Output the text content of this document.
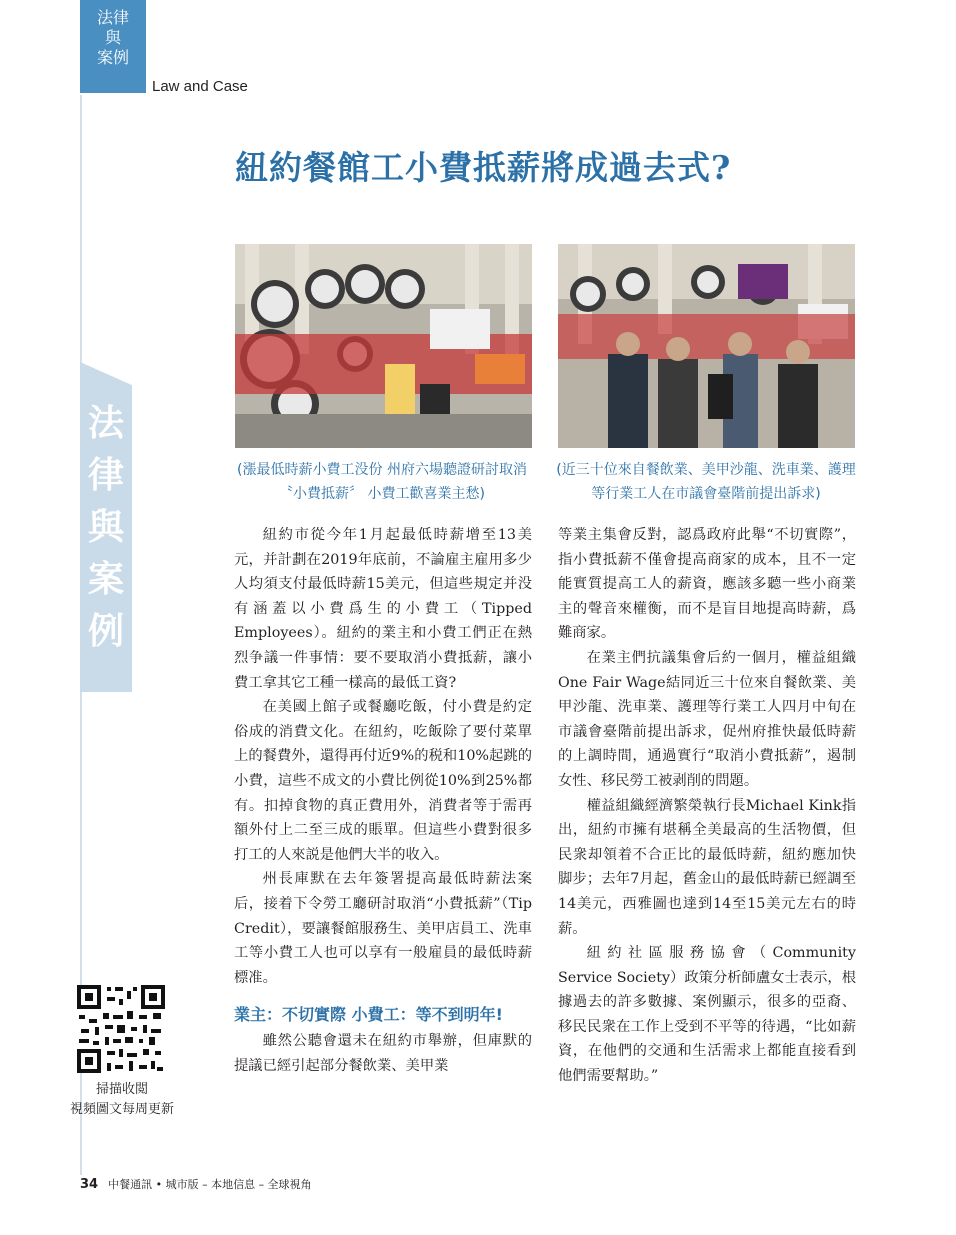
法律
與
案例
Law and Case
法
律
與
案
例
紐約餐館工小費抵薪將成過去式?
(漲最低時薪小費工没份 州府六場聽證研討取消〝小費抵薪〞 小費工歡喜業主愁)
(近三十位來自餐飲業、美甲沙龍、洗車業、護理等行業工人在市議會臺階前提出訴求)

紐約市從今年1月起最低時薪增至13美元，并計劃在2019年底前，不論雇主雇用多少人均須支付最低時薪15美元，但這些規定并没有涵蓋以小費爲生的小費工（Tipped Employees）。紐約的業主和小費工們正在熱烈争議一件事情：要不要取消小費抵薪，讓小費工拿其它工種一樣高的最低工資?

在美國上館子或餐廳吃飯，付小費是約定俗成的消費文化。在紐約，吃飯除了要付菜單上的餐費外，還得再付近9%的税和10%起跳的小費，這些不成文的小費比例從10%到25%都有。扣掉食物的真正費用外，消費者等于需再額外付上二至三成的賬單。但這些小費對很多打工的人來説是他們大半的收入。

州長庫默在去年簽署提高最低時薪法案后，接着下令勞工廳研討取消“小費抵薪”（Tip Credit），要讓餐館服務生、美甲店員工、洗車工等小費工人也可以享有一般雇員的最低時薪標准。

業主：不切實際 小費工：等不到明年!

雖然公聽會還未在紐約市舉辦，但庫默的提議已經引起部分餐飲業、美甲業

等業主集會反對，認爲政府此舉“不切實際”，指小費抵薪不僅會提高商家的成本，且不一定能實質提高工人的薪資，應該多聽一些小商業主的聲音來權衡，而不是盲目地提高時薪，爲難商家。

在業主們抗議集會后約一個月，權益組織One Fair Wage結同近三十位來自餐飲業、美甲沙龍、洗車業、護理等行業工人四月中旬在市議會臺階前提出訴求，促州府推快最低時薪的上調時間，通過實行“取消小費抵薪”，遏制女性、移民勞工被剥削的問題。

權益組織經濟繁榮執行長Michael Kink指出，紐約市擁有堪稱全美最高的生活物價，但民衆却領着不合正比的最低時薪，紐約應加快脚步；去年7月起，舊金山的最低時薪已經調至14美元，西雅圖也達到14至15美元左右的時薪。

紐約社區服務協會（Community Service Society）政策分析師盧女士表示，根據過去的許多數據、案例顯示，很多的亞裔、移民民衆在工作上受到不平等的待遇，“比如薪資，在他們的交通和生活需求上都能直接看到他們需要幫助。”

掃描收閲
視頻圖文每周更新
34 中餐通訊 • 城市版 – 本地信息 – 全球視角
